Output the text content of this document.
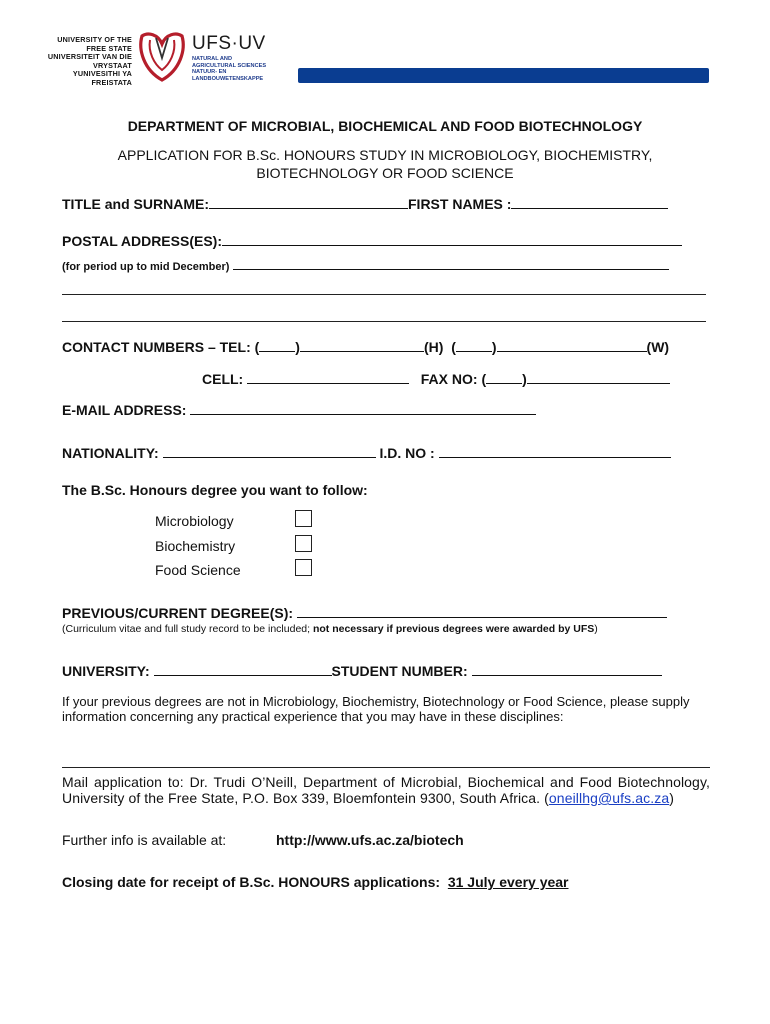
UNIVERSITY OF THE
FREE STATE
UNIVERSITEIT VAN DIE
VRYSTAAT
YUNIVESITHI YA
FREISTATA
UFS·UV
NATURAL AND
AGRICULTURAL SCIENCES
NATUUR- EN
LANDBOUWETENSKAPPE
DEPARTMENT OF MICROBIAL, BIOCHEMICAL AND FOOD BIOTECHNOLOGY
APPLICATION FOR B.Sc. HONOURS STUDY IN MICROBIOLOGY, BIOCHEMISTRY,
BIOTECHNOLOGY OR FOOD SCIENCE
TITLE and SURNAME:	FIRST NAMES :
POSTAL ADDRESS(ES):
(for period up to mid December)
CONTACT NUMBERS – TEL: (	)	(H) (	)	(W)
CELL:	FAX NO: (	)
E-MAIL ADDRESS:
NATIONALITY:	I.D. NO :
The B.Sc. Honours degree you want to follow:
Microbiology
Biochemistry
Food Science
PREVIOUS/CURRENT DEGREE(S):
(Curriculum vitae and full study record to be included; not necessary if previous degrees were awarded by UFS)
UNIVERSITY:	STUDENT NUMBER:
If your previous degrees are not in Microbiology, Biochemistry, Biotechnology or Food Science, please supply information concerning any practical experience that you may have in these disciplines:
Mail application to: Dr. Trudi O’Neill, Department of Microbial, Biochemical and Food Biotechnology, University of the Free State, P.O. Box 339, Bloemfontein 9300, South Africa. (oneillhg@ufs.ac.za)
Further info is available at:	http://www.ufs.ac.za/biotech
Closing date for receipt of B.Sc. HONOURS applications: 31 July every year
